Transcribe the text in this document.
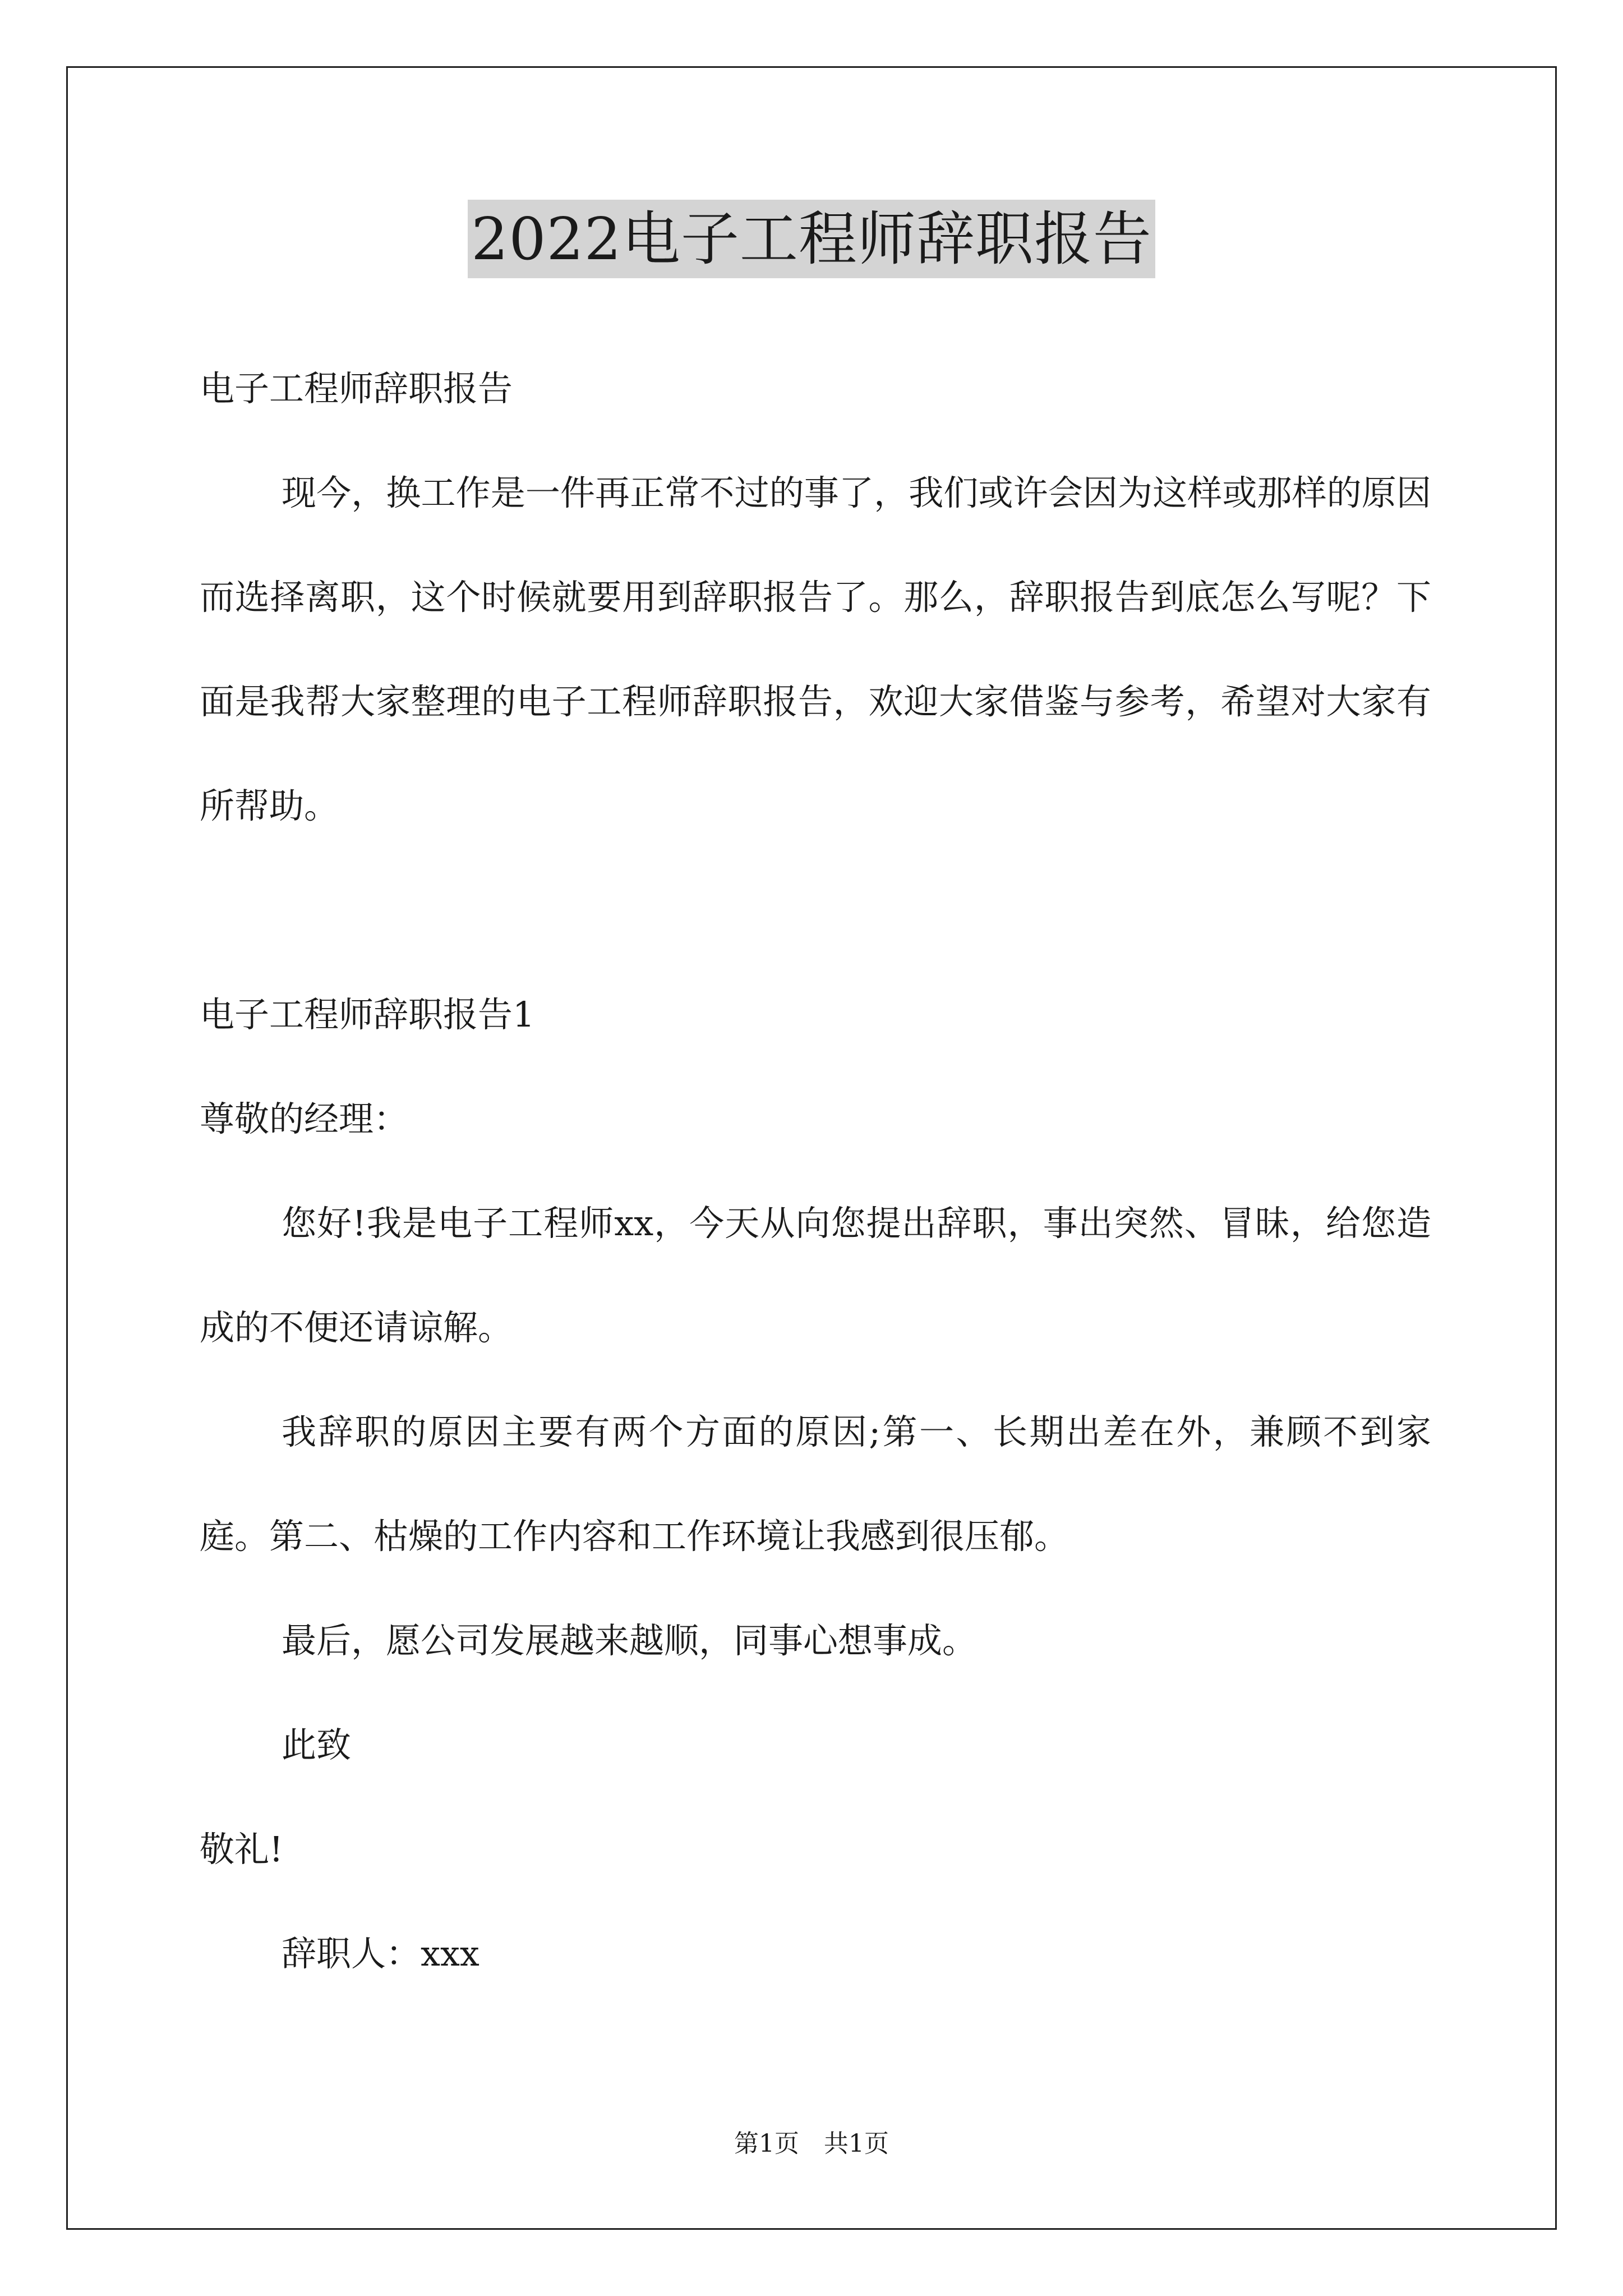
2022电子工程师辞职报告
电子工程师辞职报告
现今，换工作是一件再正常不过的事了，我们或许会因为这样或那样的原因而选择离职，这个时候就要用到辞职报告了。那么，辞职报告到底怎么写呢？下面是我帮大家整理的电子工程师辞职报告，欢迎大家借鉴与参考，希望对大家有所帮助。
电子工程师辞职报告1
尊敬的经理：
您好!我是电子工程师xx，今天从向您提出辞职，事出突然、冒昧，给您造成的不便还请谅解。
我辞职的原因主要有两个方面的原因;第一、长期出差在外，兼顾不到家庭。第二、枯燥的工作内容和工作环境让我感到很压郁。
最后，愿公司发展越来越顺，同事心想事成。
此致
敬礼!
辞职人：xxx
第1页　共1页
